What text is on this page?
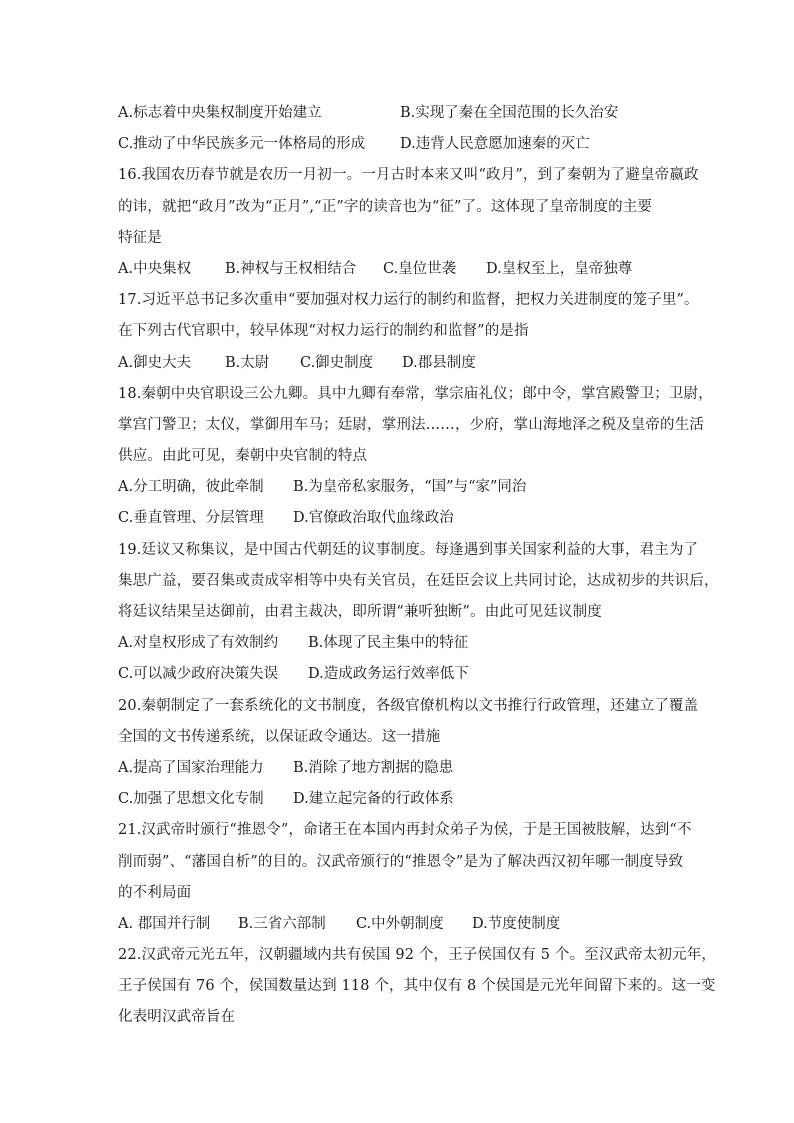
A.标志着中央集权制度开始建立	B.实现了秦在全国范围的长久治安
C.推动了中华民族多元一体格局的形成 D.违背人民意愿加速秦的灭亡
16.我国农历春节就是农历一月初一。一月古时本来又叫“政月”，到了秦朝为了避皇帝嬴政
的讳，就把“政月”改为“正月”,“正”字的读音也为“征”了。这体现了皇帝制度的主要
特征是
A.中央集权 B.神权与王权相结合 C.皇位世袭 D.皇权至上，皇帝独尊
17.习近平总书记多次重申“要加强对权力运行的制约和监督，把权力关进制度的笼子里”。
在下列古代官职中，较早体现“对权力运行的制约和监督”的是指
A.御史大夫 B.太尉 C.御史制度 D.郡县制度
18.秦朝中央官职设三公九卿。具中九卿有奉常，掌宗庙礼仪；郎中令，掌宫殿警卫；卫尉，
掌宫门警卫；太仪，掌御用车马；廷尉，掌刑法……，少府，掌山海地泽之税及皇帝的生活
供应。由此可见，秦朝中央官制的特点
A.分工明确，彼此牵制 B.为皇帝私家服务，“国”与“家”同治
C.垂直管理、分层管理 D.官僚政治取代血缘政治
19.廷议又称集议，是中国古代朝廷的议事制度。每逢遇到事关国家利益的大事，君主为了
集思广益，要召集或责成宰相等中央有关官员，在廷臣会议上共同讨论，达成初步的共识后，
将廷议结果呈达御前，由君主裁决，即所谓“兼听独断”。由此可见廷议制度
A.对皇权形成了有效制约 B.体现了民主集中的特征
C.可以减少政府决策失误 D.造成政务运行效率低下
20.秦朝制定了一套系统化的文书制度，各级官僚机构以文书推行行政管理，还建立了覆盖
全国的文书传递系统，以保证政令通达。这一措施
A.提高了国家治理能力 B.消除了地方割据的隐患
C.加强了思想文化专制 D.建立起完备的行政体系
21.汉武帝时颁行“推恩令”，命诸王在本国内再封众弟子为侯，于是王国被肢解，达到“不
削而弱”、“藩国自析”的目的。汉武帝颁行的“推恩令”是为了解决西汉初年哪一制度导致
的不利局面
A. 郡国并行制 B.三省六部制 C.中外朝制度 D.节度使制度
22.汉武帝元光五年，汉朝疆域内共有侯国 92 个，王子侯国仅有 5 个。至汉武帝太初元年，
王子侯国有 76 个，侯国数量达到 118 个，其中仅有 8 个侯国是元光年间留下来的。这一变
化表明汉武帝旨在
